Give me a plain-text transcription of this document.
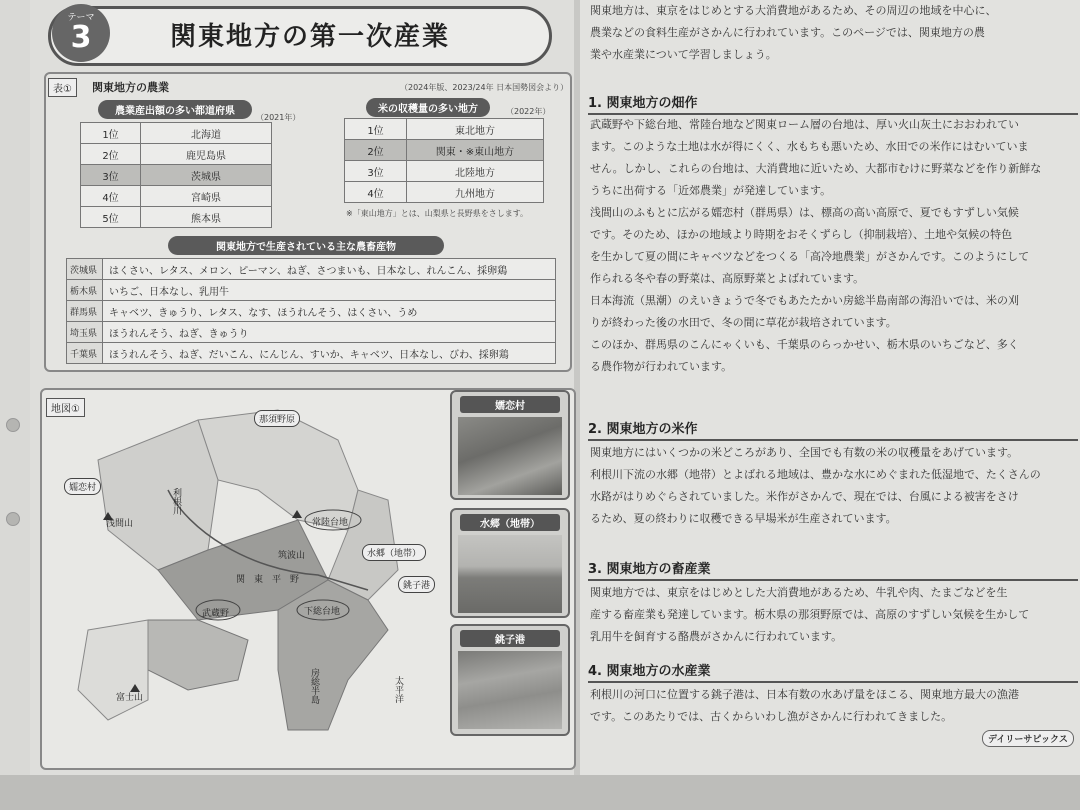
テーマ
3	関東地方の第一次産業
表①	関東地方の農業	（2024年版、2023/24年 日本国勢図会より）
農業産出額の多い都道府県
（2021年）
1位	北海道
2位	鹿児島県
3位	茨城県
4位	宮崎県
5位	熊本県
米の収穫量の多い地方	（2022年）
1位	東北地方
2位	関東・※東山地方
3位	北陸地方
4位	九州地方
※「東山地方」とは、山梨県と長野県をさします。
関東地方で生産されている主な農畜産物
茨城県	はくさい、レタス、メロン、ピーマン、ねぎ、さつまいも、日本なし、れんこん、採卵鶏
栃木県	いちご、日本なし、乳用牛
群馬県	キャベツ、きゅうり、レタス、なす、ほうれんそう、はくさい、うめ
埼玉県	ほうれんそう、ねぎ、きゅうり
千葉県	ほうれんそう、ねぎ、だいこん、にんじん、すいか、キャベツ、日本なし、びわ、採卵鶏
地図①
那須野原
嬬恋村
浅間山
利根川
常陸台地
筑波山
関　東　平　野
水郷（地帯）
銚子港
下総台地
武蔵野
房総半島
富士山	太平洋
嬬恋村
水郷（地帯）
銚子港
関東地方は、東京をはじめとする大消費地があるため、その周辺の地域を中心に、
農業などの食料生産がさかんに行われています。このページでは、関東地方の農
業や水産業について学習しましょう。
1. 関東地方の畑作
武蔵野や下総台地、常陸台地など関東ローム層の台地は、厚い火山灰土におおわれてい
ます。このような土地は水が得にくく、水もちも悪いため、水田での米作にはむいていま
せん。しかし、これらの台地は、大消費地に近いため、大都市むけに野菜などを作り新鮮な
うちに出荷する「近郊農業」が発達しています。
浅間山のふもとに広がる嬬恋村（群馬県）は、標高の高い高原で、夏でもすずしい気候
です。そのため、ほかの地域より時期をおそくずらし（抑制栽培）、土地や気候の特色
を生かして夏の間にキャベツなどをつくる「高冷地農業」がさかんです。このようにして
作られる冬や春の野菜は、高原野菜とよばれています。
日本海流（黒潮）のえいきょうで冬でもあたたかい房総半島南部の海沿いでは、米の刈
りが終わった後の水田で、冬の間に草花が栽培されています。
このほか、群馬県のこんにゃくいも、千葉県のらっかせい、栃木県のいちごなど、多く
る農作物が行われています。
2. 関東地方の米作
関東地方にはいくつかの米どころがあり、全国でも有数の米の収穫量をあげています。
利根川下流の水郷（地帯）とよばれる地域は、豊かな水にめぐまれた低湿地で、たくさんの
水路がはりめぐらされていました。米作がさかんで、現在では、台風による被害をさけ
るため、夏の終わりに収穫できる早場米が生産されています。
3. 関東地方の畜産業
関東地方では、東京をはじめとした大消費地があるため、牛乳や肉、たまごなどを生
産する畜産業も発達しています。栃木県の那須野原では、高原のすずしい気候を生かして
乳用牛を飼育する酪農がさかんに行われています。
4. 関東地方の水産業
利根川の河口に位置する銚子港は、日本有数の水あげ量をほこる、関東地方最大の漁港
です。このあたりでは、古くからいわし漁がさかんに行われてきました。
デイリーサピックス
